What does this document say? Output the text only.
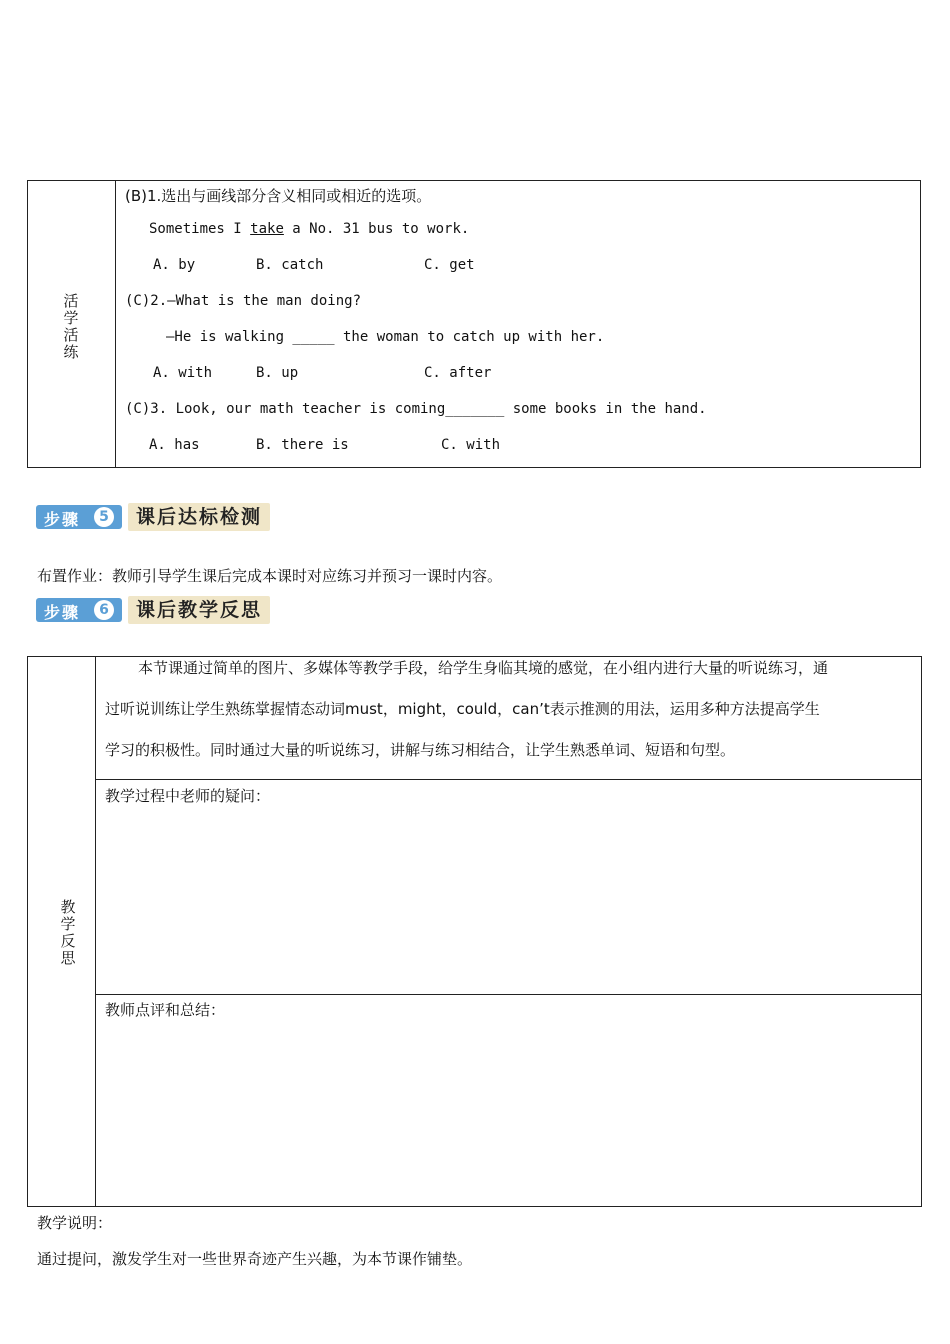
活学活练
(B)1.选出与画线部分含义相同或相近的选项。
Sometimes I take a No. 31 bus to work.
A. by	B. catch	C. get
(C)2.—What is the man doing?
—He is walking _____ the woman to catch up with her.
A. with	B. up	C. after
(C)3. Look, our math teacher is coming_______ some books in the hand.
A. has	B. there is	C. with
步骤	5	课后达标检测
布置作业：教师引导学生课后完成本课时对应练习并预习一课时内容。
步骤	6	课后教学反思
教学反思
本节课通过简单的图片、多媒体等教学手段，给学生身临其境的感觉，在小组内进行大量的听说练习，通
过听说训练让学生熟练掌握情态动词must，might，could，can’t表示推测的用法，运用多种方法提高学生
学习的积极性。同时通过大量的听说练习，讲解与练习相结合，让学生熟悉单词、短语和句型。
教学过程中老师的疑问：
教师点评和总结：
教学说明：
通过提问，激发学生对一些世界奇迹产生兴趣，为本节课作铺垫。
